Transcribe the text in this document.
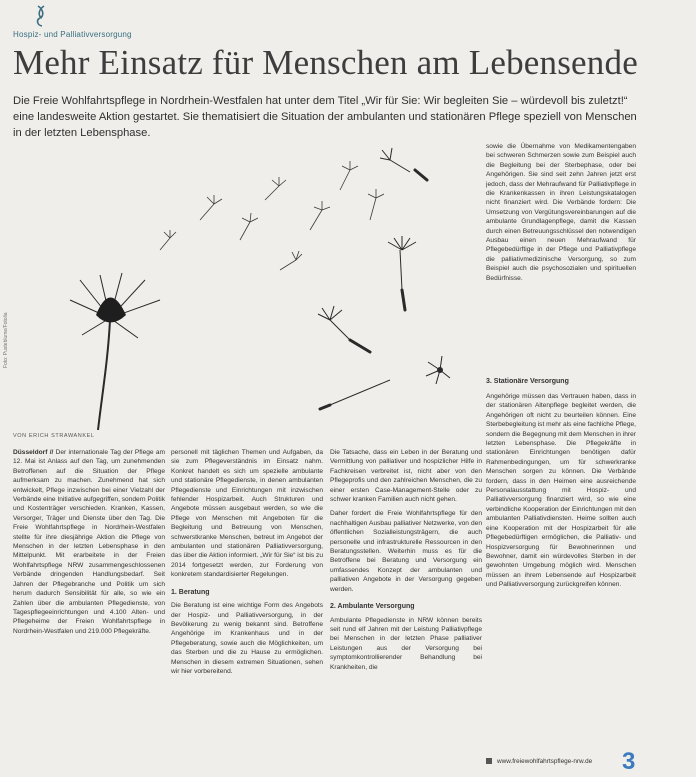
Hospiz- und Palliativversorgung
Mehr Einsatz für Menschen am Lebensende

Die Freie Wohlfahrtspflege in Nordrhein-Westfalen hat unter dem Titel „Wir für Sie: Wir begleiten Sie – würdevoll bis zuletzt!“ eine landesweite Aktion gestartet. Sie thematisiert die Situation der ambulanten und stationären Pflege speziell von Menschen in der letzten Lebensphase.

Foto: Pusteblume/Fotolia
VON ERICH STRAWANKEL

Düsseldorf // Der internationale Tag der Pflege am 12. Mai ist Anlass auf den Tag, um zunehmenden Betroffenen auf die Situation der Pflege aufmerksam zu machen. Zunehmend hat sich entwickelt, Pflege inzwischen bei einer Vielzahl der Verbände eine Initiative aufgegriffen, sondern Politik und Kostenträger verschieden. Kranken, Kassen, Versorger, Träger und Dienste über den Tag. Die Freie Wohlfahrtspflege in Nordrhein-Westfalen stellte für ihre diesjährige Aktion die Pflege von Menschen in der letzten Lebensphase in den Mittelpunkt. Mit erarbeitete in der Freien Wohlfahrtspflege NRW zusammengeschlossenen Verbände dringenden Handlungsbedarf. Seit Jahren der Pflegebranche und Politik um sich herum dadurch Sensibilität für alle, so wie ein Zahlen über die ambulanten Pflegedienste, von Tagespflegeeinrichtungen und 4.100 Alten- und Pflegeheime der Freien Wohlfahrtspflege in Nordrhein-Westfalen und 219.000 Pflegekräfte.

personell mit täglichen Themen und Aufgaben, da sie zum Pflegeverständnis im Einsatz nahm. Konkret handelt es sich um spezielle ambulante und stationäre Pflegedienste, in denen ambulanten Pflegedienste und Einrichtungen mit inzwischen fehlender Hospizarbeit. Auch Strukturen und Angebote müssen ausgebaut werden, so wie die Pflege von Menschen mit Angeboten für die Begleitung und Betreuung von Menschen, schwerstkranke Menschen, betreut im Angebot der ambulanten und stationären Palliativversorgung, das über die Aktion informiert. „Wir für Sie“ ist bis zu 2014 fortgesetzt werden, zur Forderung von konkretem standardisierter Regelungen.

1. Beratung

Die Beratung ist eine wichtige Form des Angebots der Hospiz- und Palliativversorgung, in der Bevölkerung zu wenig bekannt sind. Betroffene Angehörige im Krankenhaus und in der Pflegeberatung, sowie auch die Möglichkeiten, um das Sterben und die zu Hause zu ermöglichen. Menschen in diesem extremen Situationen, sehen wir hier vorbereitend.

Die Tatsache, dass ein Leben in der Beratung und Vermittlung von palliativer und hospizlicher Hilfe in Fachkreisen verbreitet ist, nicht aber von den Pflegeprofis und den zahlreichen Menschen, die zu einer ersten Case-Management-Stelle oder zu schwer kranken Familien auch nicht gehen.

Daher fordert die Freie Wohlfahrtspflege für den nachhaltigen Ausbau palliativer Netzwerke, von den öffentlichen Sozialleistungsträgern, die auch personelle und infrastrukturelle Ressourcen in den Beratungsstellen. Weiterhin muss es für die Betroffene bei Beratung und Versorgung ein umfassendes Konzept der ambulanten und palliativen Angebote in der Versorgung gegeben werden.

2. Ambulante Versorgung

Ambulante Pflegedienste in NRW können bereits seit rund elf Jahren mit der Leistung Palliativpflege bei Menschen in der letzten Phase palliativer Leistungen aus der Versorgung bei symptomkontrollierender Behandlung bei Krankheiten, die

sowie die Übernahme von Medikamentengaben bei schweren Schmerzen sowie zum Beispiel auch die Begleitung bei der Sterbephase, oder bei Angehörigen. Sie sind seit zehn Jahren jetzt erst jedoch, dass der Mehraufwand für Palliativpflege in die Krankenkassen in ihren Leistungskatalogen nicht finanziert wird. Die Verbände fordern: Die Umsetzung von Vergütungsvereinbarungen auf die ambulante Grundlagenpflege, damit die Kassen durch einen Betreuungsschlüssel den notwendigen Ausbau einen neuen Mehraufwand für Pflegebedürftige in der Pflege und Palliativpflege die palliativmedizinische Versorgung, so zum Beispiel auch die psychosozialen und spirituellen Bedürfnisse.

3. Stationäre Versorgung

Angehörige müssen das Vertrauen haben, dass in der stationären Altenpflege begleitet werden, die Angehörigen oft nicht zu beurteilen können. Eine Sterbebegleitung ist mehr als eine fachliche Pflege, sondern die Begegnung mit dem Menschen in ihrer letzten Lebensphase. Die Pflegekräfte in stationären Einrichtungen benötigen dafür Rahmenbedingungen, um für schwerkranke Menschen sorgen zu können. Die Verbände fordern, dass in den Heimen eine ausreichende Personalausstattung mit Hospiz- und Palliativversorgung finanziert wird, so wie eine verbindliche Kooperation der Einrichtungen mit den ambulanten Palliativdiensten. Heime sollten auch eine Kooperation mit der Hospizarbeit für alle Pflegebedürftigen ermöglichen, die Palliativ- und Hospizversorgung für Bewohnerinnen und Bewohner, damit ein würdevolles Sterben in der gewohnten Umgebung möglich wird. Menschen müssen an ihrem Lebensende auf Hospizarbeit und Palliativversorgung zurückgreifen können.

www.freiewohlfahrtspflege-nrw.de	3
